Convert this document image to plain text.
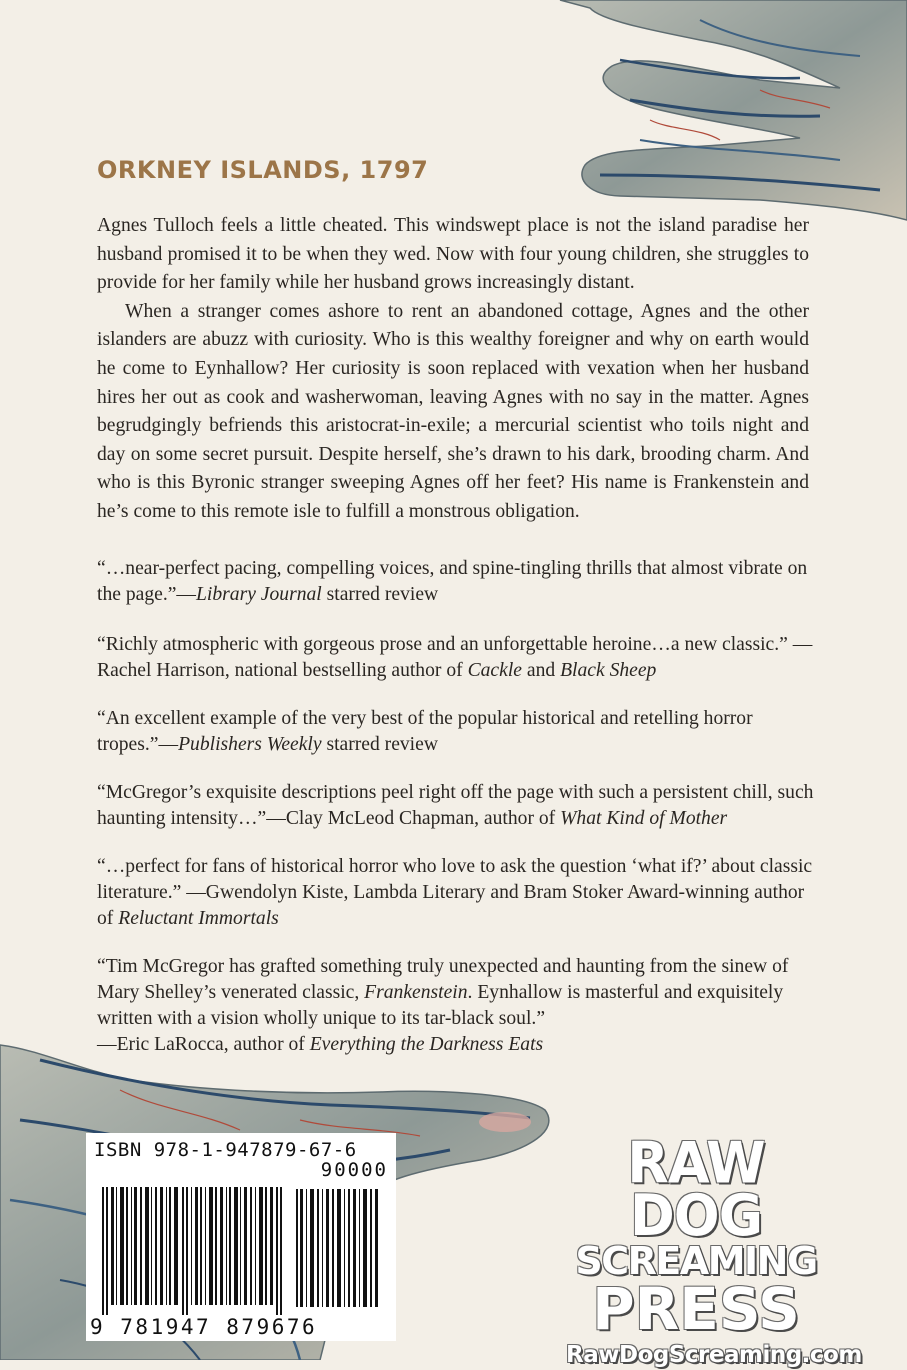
ORKNEY ISLANDS, 1797

Agnes Tulloch feels a little cheated. This windswept place is not the island paradise her husband promised it to be when they wed. Now with four young children, she struggles to provide for her family while her husband grows increasingly distant.

When a stranger comes ashore to rent an abandoned cottage, Agnes and the other islanders are abuzz with curiosity. Who is this wealthy foreigner and why on earth would he come to Eynhallow? Her curiosity is soon replaced with vexation when her husband hires her out as cook and washerwoman, leaving Agnes with no say in the matter. Agnes begrudgingly befriends this aristocrat-in-exile; a mercurial scientist who toils night and day on some secret pursuit. Despite herself, she’s drawn to his dark, brooding charm. And who is this Byronic stranger sweeping Agnes off her feet? His name is Frankenstein and he’s come to this remote isle to fulfill a monstrous obligation.

“…near-perfect pacing, compelling voices, and spine-tingling thrills that almost vibrate on the page.”—Library Journal starred review
“Richly atmospheric with gorgeous prose and an unforgettable heroine…a new classic.” —Rachel Harrison, national bestselling author of Cackle and Black Sheep
“An excellent example of the very best of the popular historical and retelling horror tropes.”—Publishers Weekly starred review
“McGregor’s exquisite descriptions peel right off the page with such a persistent chill, such haunting intensity…”—Clay McLeod Chapman, author of What Kind of Mother
“…perfect for fans of historical horror who love to ask the question ‘what if?’ about classic literature.” —Gwendolyn Kiste, Lambda Literary and Bram Stoker Award-winning author of Reluctant Immortals
“Tim McGregor has grafted something truly unexpected and haunting from the sinew of Mary Shelley’s venerated classic, Frankenstein. Eynhallow is masterful and exquisitely written with a vision wholly unique to its tar-black soul.”
—Eric LaRocca, author of Everything the Darkness Eats
ISBN 978-1-947879-67-6
90000
9 781947 879676
RAW DOG
SCREAMING
PRESS
RawDogScreaming.com
